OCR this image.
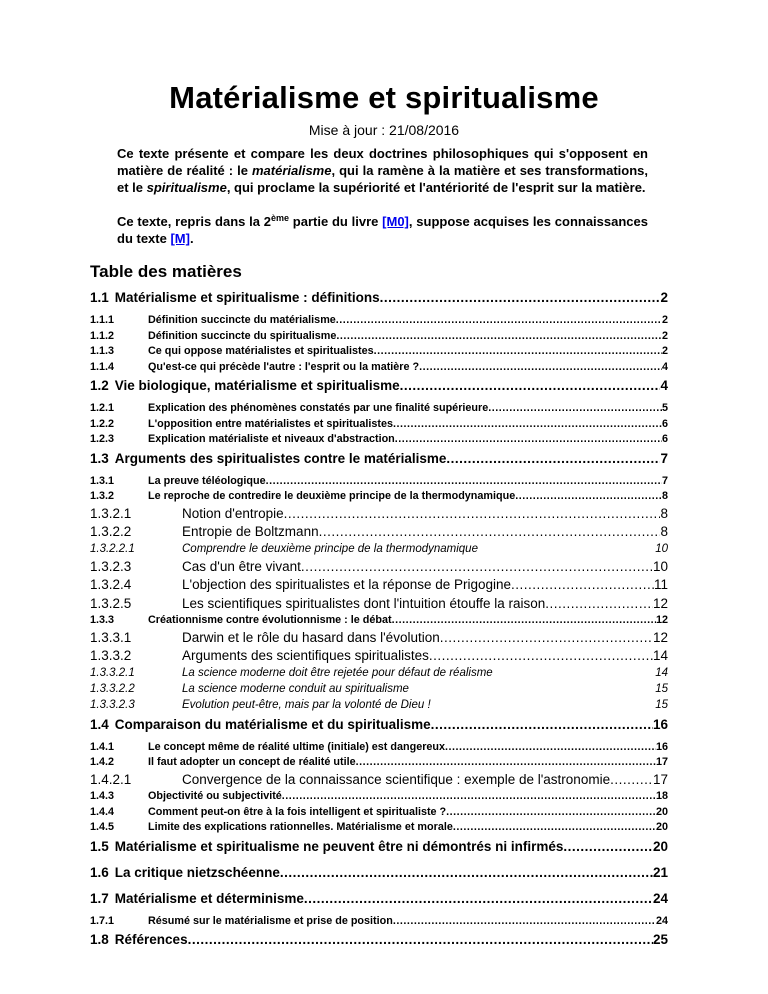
Matérialisme et spiritualisme
Mise à jour : 21/08/2016
Ce texte présente et compare les deux doctrines philosophiques qui s'opposent en matière de réalité : le matérialisme, qui la ramène à la matière et ses transformations, et le spiritualisme, qui proclame la supériorité et l'antériorité de l'esprit sur la matière.
Ce texte, repris dans la 2ème partie du livre [M0], suppose acquises les connaissances du texte [M].
Table des matières
1.1 Matérialisme et spiritualisme : définitions .....	2
1.1.1	Définition succincte du matérialisme .....	2
1.1.2	Définition succincte du spiritualisme .....	2
1.1.3	Ce qui oppose matérialistes et spiritualistes .....	2
1.1.4	Qu'est-ce qui précède l'autre : l'esprit ou la matière ? .....	4
1.2 Vie biologique, matérialisme et spiritualisme .....	4
1.2.1	Explication des phénomènes constatés par une finalité supérieure .....	5
1.2.2	L'opposition entre matérialistes et spiritualistes .....	6
1.2.3	Explication matérialiste et niveaux d'abstraction .....	6
1.3 Arguments des spiritualistes contre le matérialisme .....	7
1.3.1	La preuve téléologique .....	7
1.3.2	Le reproche de contredire le deuxième principe de la thermodynamique .....	8
1.3.2.1	Notion d'entropie .....	8
1.3.2.2	Entropie de Boltzmann .....	8
1.3.2.2.1	Comprendre le deuxième principe de la thermodynamique	10
1.3.2.3	Cas d'un être vivant .....	10
1.3.2.4	L'objection des spiritualistes et la réponse de Prigogine .....	11
1.3.2.5	Les scientifiques spiritualistes dont l'intuition étouffe la raison .....	12
1.3.3	Créationnisme contre évolutionnisme : le débat .....	12
1.3.3.1	Darwin et le rôle du hasard dans l'évolution .....	12
1.3.3.2	Arguments des scientifiques spiritualistes .....	14
1.3.3.2.1	La science moderne doit être rejetée pour défaut de réalisme	14
1.3.3.2.2	La science moderne conduit au spiritualisme	15
1.3.3.2.3	Evolution peut-être, mais par la volonté de Dieu !	15
1.4 Comparaison du matérialisme et du spiritualisme .....	16
1.4.1	Le concept même de réalité ultime (initiale) est dangereux .....	16
1.4.2	Il faut adopter un concept de réalité utile .....	17
1.4.2.1	Convergence de la connaissance scientifique : exemple de l'astronomie .....	17
1.4.3	Objectivité ou subjectivité .....	18
1.4.4	Comment peut-on être à la fois intelligent et spiritualiste ? .....	20
1.4.5	Limite des explications rationnelles. Matérialisme et morale .....	20
1.5 Matérialisme et spiritualisme ne peuvent être ni démontrés ni infirmés .....	20
1.6 La critique nietzschéenne .....	21
1.7 Matérialisme et déterminisme .....	24
1.7.1	Résumé sur le matérialisme et prise de position .....	24
1.8 Références .....	25
